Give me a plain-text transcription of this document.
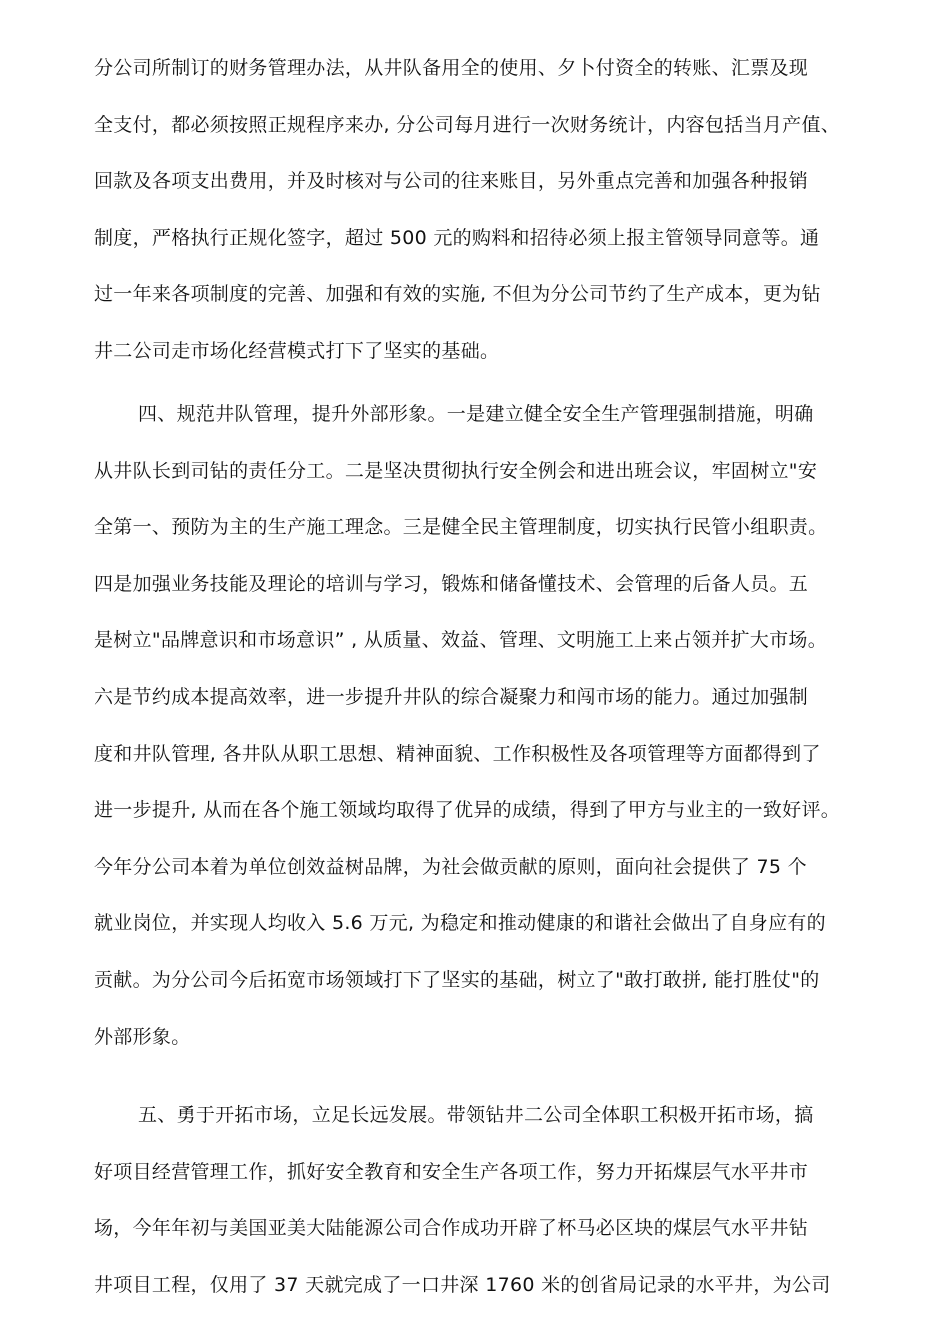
分公司所制订的财务管理办法，从井队备用全的使用、夕卜付资全的转账、汇票及现
全支付，都必须按照正规程序来办, 分公司每月进行一次财务统计，内容包括当月产值、
回款及各项支出费用，并及时核对与公司的往来账目，另外重点完善和加强各种报销
制度，严格执行正规化签字，超过 500 元的购料和招待必须上报主管领导同意等。通
过一年来各项制度的完善、加强和有效的实施, 不但为分公司节约了生产成本，更为钻
井二公司走市场化经营模式打下了坚实的基础。
四、规范井队管理，提升外部形象。一是建立健全安全生产管理强制措施，明确
从井队长到司钻的责任分工。二是坚决贯彻执行安全例会和进出班会议，牢固树立"安
全第一、预防为主的生产施工理念。三是健全民主管理制度，切实执行民管小组职责。
四是加强业务技能及理论的培训与学习，锻炼和储备懂技术、会管理的后备人员。五
是树立"品牌意识和市场意识” , 从质量、效益、管理、文明施工上来占领并扩大市场。
六是节约成本提高效率，进一步提升井队的综合凝聚力和闯市场的能力。通过加强制
度和井队管理, 各井队从职工思想、精神面貌、工作积极性及各项管理等方面都得到了
进一步提升, 从而在各个施工领域均取得了优异的成绩，得到了甲方与业主的一致好评。
今年分公司本着为单位创效益树品牌，为社会做贡献的原则，面向社会提供了 75 个
就业岗位，并实现人均收入 5.6 万元, 为稳定和推动健康的和谐社会做出了自身应有的
贡献。为分公司今后拓宽市场领域打下了坚实的基础，树立了"敢打敢拼, 能打胜仗"的
外部形象。
五、勇于开拓市场，立足长远发展。带领钻井二公司全体职工积极开拓市场，搞
好项目经营管理工作，抓好安全教育和安全生产各项工作，努力开拓煤层气水平井市
场，今年年初与美国亚美大陆能源公司合作成功开辟了杯马必区块的煤层气水平井钻
井项目工程，仅用了 37 天就完成了一口井深 1760 米的创省局记录的水平井，为公司
